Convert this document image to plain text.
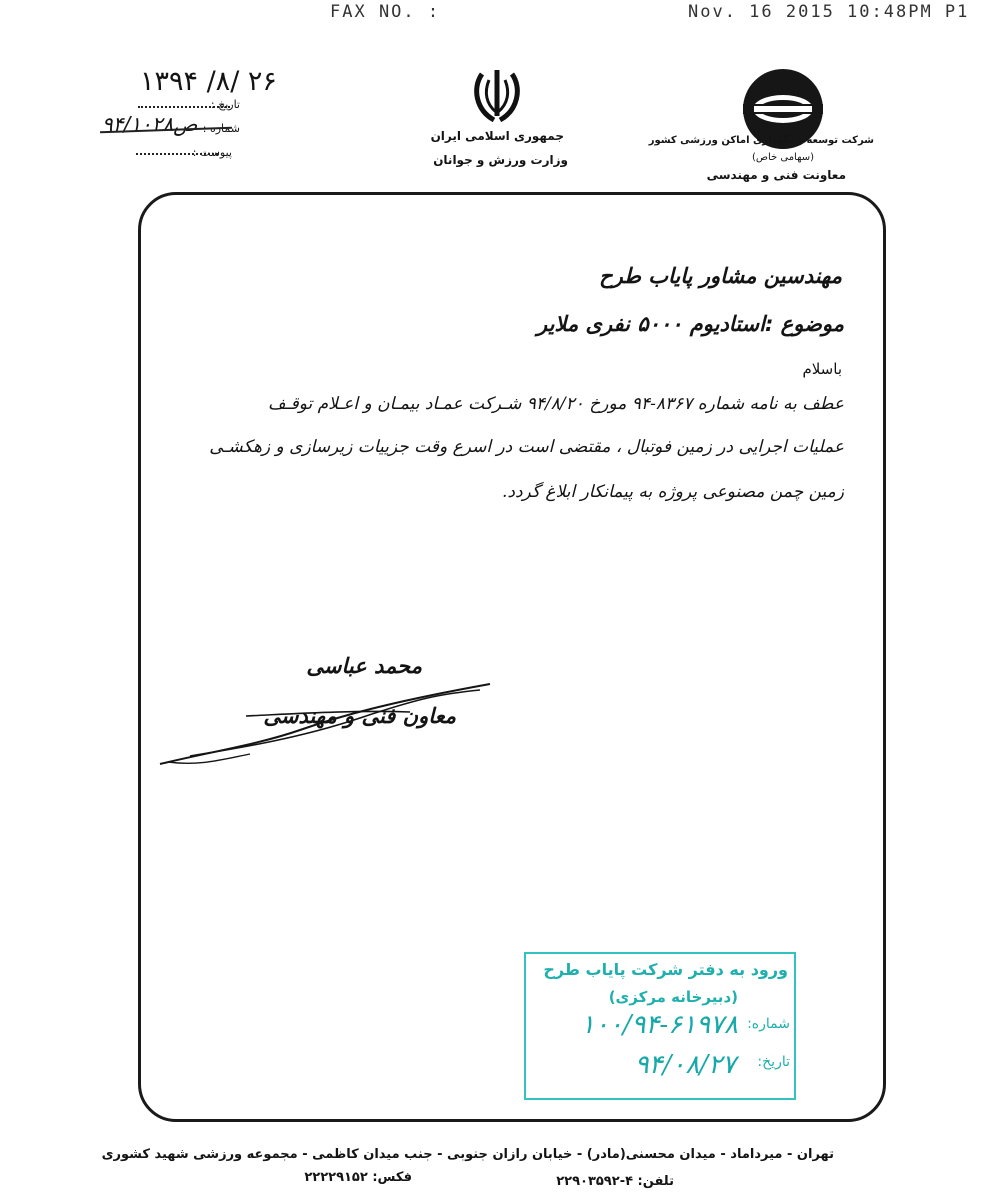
FAX NO. :	Nov. 16 2015 10:48PM P1
شرکت توسعه و نگهداری اماکن ورزشی کشور
(سهامی خاص)
معاونت فنی و مهندسی
جمهوری اسلامی ایران
وزارت ورزش و جوانان
۱۳۹۴ /۸/ ۲۶
تاریخ :
۹۴/۱۰۲۸ص شماره :
پیوست :
مهندسین مشاور پایاب طرح
موضوع :استادیوم ۵۰۰۰ نفری ملایر
باسلام
عطف به نامه شماره ۸۳۶۷-۹۴ مورخ ۹۴/۸/۲۰ شـرکت عمـاد بیمـان و اعـلام توقـف
عملیات اجرایی در زمین فوتبال ، مقتضی است در اسرع وقت جزییات زیرسازی و زهکشـی
زمین چمن مصنوعی پروژه به پیمانکار ابلاغ گردد.
محمد عباسی
معاون فنی و مهندسی
ورود به دفتر شرکت پایاب طرح
(دبیرخانه مرکزی)
شماره:
۱۰۰/۹۴-۶۱۹۷۸
تاریخ:
۹۴/۰۸/۲۷
تهران - میرداماد - میدان محسنی(مادر) - خیابان رازان جنوبی - جنب میدان کاظمی - مجموعه ورزشی شهید کشوری
تلفن: ۴-۲۲۹۰۳۵۹۲
فکس: ۲۲۲۲۹۱۵۲
